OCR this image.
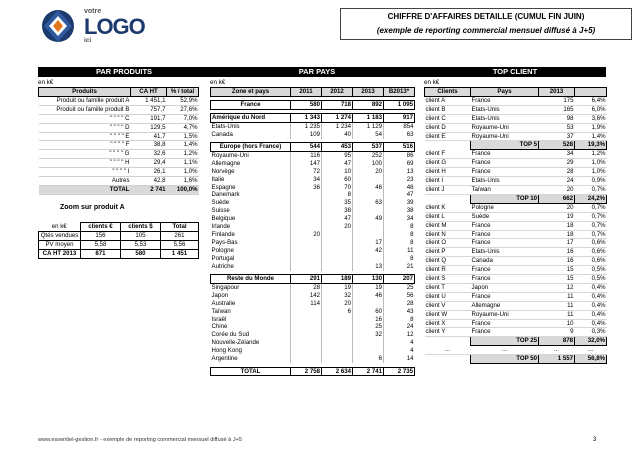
votre
LOGO
ici
CHIFFRE D'AFFAIRES DETAILLE (CUMUL FIN JUIN)
(exemple de reporting commercial mensuel diffusé à J+5)
PAR PRODUITS	PAR PAYS	TOP CLIENT
en k€	en k€	en k€
Produits	CA HT	% / total
Produit ou famille produit A	1 451,1	52,9%
Produit ou famille produit B	757,7	27,6%
" " " " C	191,7	7,0%
" " " " D	129,5	4,7%
" " " " E	41,7	1,5%
" " " " F	38,8	1,4%
" " " " G	32,6	1,2%
" " " " H	29,4	1,1%
" " " " I	26,1	1,0%
Autres	42,8	1,6%
TOTAL	2 741	100,0%
Zoom sur produit A
en k€	clients €	clients $	Total
Qtés vendues	156	105	261
PV moyen	5,58	5,53	5,56
CA HT 2013	871	580	1 451
Zone et pays	2011	2012	2013	B2013*

France	580	718	892	1 095

Amérique du Nord	1 343	1 274	1 183	917
Etats-Unis	1 235	1 234	1 129	854
Canada	109	40	54	63

Europe (hors France)	544	453	537	516
Royaume-Uni	116	95	252	86
Allemagne	147	47	100	69
Norvège	72	10	20	13
Italie	34	60		23
Espagne	36	70	46	48
Danemark		8		47
Suède		35	63	39
Suisse		38		38
Belgique		47	49	34
Irlande		20		8
Finlande	20			8
Pays-Bas			17	8
Pologne			42	11
Portugal				8
Autriche			13	21

Reste du Monde	291	189	130	207
Singapour	28	19	19	25
Japon	142	32	46	56
Australie	114	20		28
Taïwan		6	60	43
Israël			16	8
Chine			25	24
Corée du Sud			32	12
Nouvelle-Zélande				4
Hong Kong				4
Argentine			6	14

TOTAL	2 758	2 634	2 741	2 735
Clients	Pays	2013	
client A	France	175	6,4%
client B	Etats-Unis	165	6,0%
client C	Etats-Unis	98	3,6%
client D	Royaume-Uni	53	1,9%
client E	Royaume-Uni	37	1,4%
	TOP 5	528	19,3%
client F	France	34	1,2%
client G	France	29	1,0%
client H	France	28	1,0%
client I	Etats-Unis	24	0,9%
client J	Taïwan	20	0,7%
	TOP 10	662	24,2%
client K	Pologne	20	0,7%
client L	Suède	19	0,7%
client M	France	18	0,7%
client N	France	18	0,7%
client O	France	17	0,6%
client P	Etats-Unis	16	0,6%
client Q	Canada	16	0,6%
client R	France	15	0,5%
client S	France	15	0,5%
client T	Japon	12	0,4%
client U	France	11	0,4%
client V	Allemagne	11	0,4%
client W	Royaume-Uni	11	0,4%
client X	France	10	0,4%
client Y	France	9	0,3%
	TOP 25	878	32,0%
...	...	...	...
	TOP 50	1 557	56,8%
www.essentiel-gestion.fr - exemple de reporting commercial mensuel diffusé à J+5	3
